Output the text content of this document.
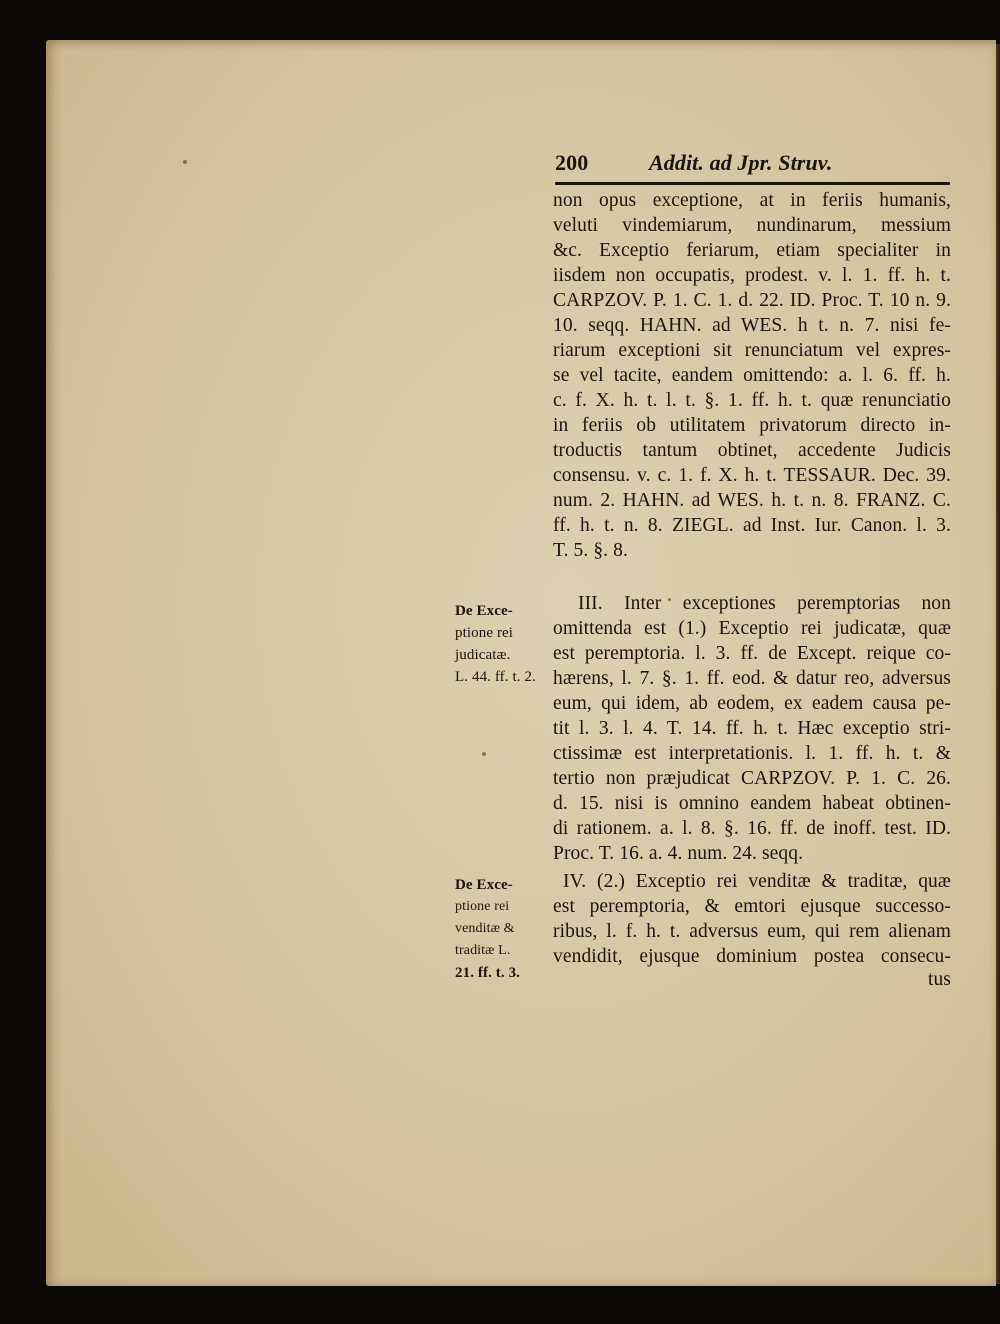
200	Addit. ad Jpr. Struv.
non opus exceptione, at in feriis humanis,
veluti vindemiarum, nundinarum, messium
&c. Exceptio feriarum, etiam specialiter in
iisdem non occupatis, prodest. v. l. 1. ff. h. t.
CARPZOV. P. 1. C. 1. d. 22. ID. Proc. T. 10 n. 9.
10. seqq. HAHN. ad WES. h t. n. 7. nisi fe-
riarum exceptioni sit renunciatum vel expres-
se vel tacite, eandem omittendo: a. l. 6. ff. h.
c. f. X. h. t. l. t. §. 1. ff. h. t. quæ renunciatio
in feriis ob utilitatem privatorum directo in-
troductis tantum obtinet, accedente Judicis
consensu. v. c. 1. f. X. h. t. TESSAUR. Dec. 39.
num. 2. HAHN. ad WES. h. t. n. 8. FRANZ. C.
ff. h. t. n. 8. ZIEGL. ad Inst. Iur. Canon. l. 3.
T. 5. §. 8.
III. Inter exceptiones peremptorias non
omittenda est (1.) Exceptio rei judicatæ, quæ
est peremptoria. l. 3. ff. de Except. reique co-
hærens, l. 7. §. 1. ff. eod. & datur reo, adversus
eum, qui idem, ab eodem, ex eadem causa pe-
tit l. 3. l. 4. T. 14. ff. h. t. Hæc exceptio stri-
ctissimæ est interpretationis. l. 1. ff. h. t. &
tertio non præjudicat CARPZOV. P. 1. C. 26.
d. 15. nisi is omnino eandem habeat obtinen-
di rationem. a. l. 8. §. 16. ff. de inoff. test. ID.
Proc. T. 16. a. 4. num. 24. seqq.
IV. (2.) Exceptio rei venditæ & traditæ, quæ
est peremptoria, & emtori ejusque successo-
ribus, l. f. h. t. adversus eum, qui rem alienam
vendidit, ejusque dominium postea consecu-
tus
De Exce-
ptione rei
judicatæ.
L. 44. ff. t. 2.
De Exce-
ptione rei
venditæ &
traditæ L.
21. ff. t. 3.
